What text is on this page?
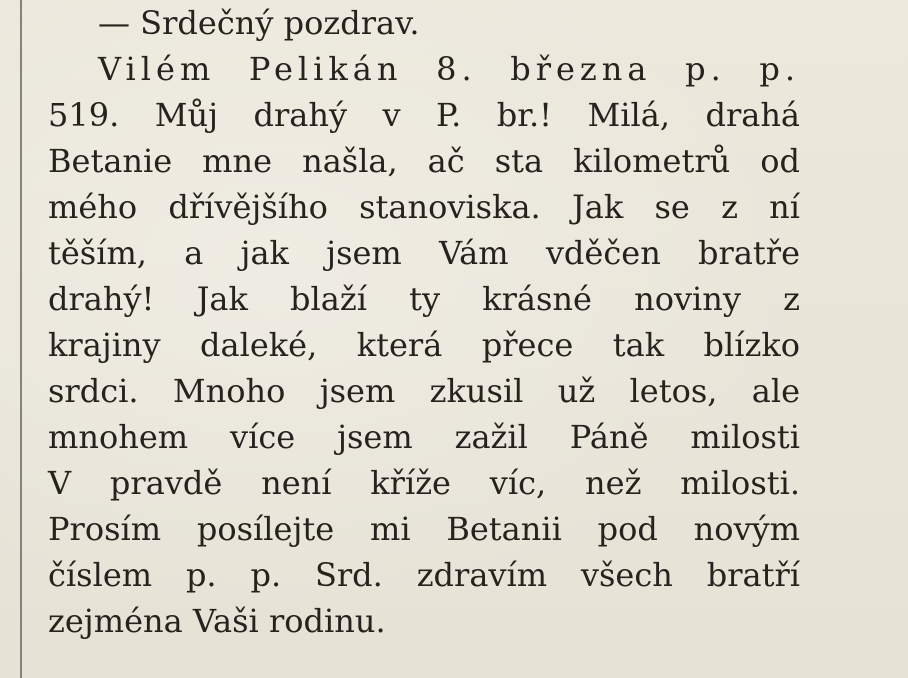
— Srdečný pozdrav.
Vilém Pelikán 8. března p. p.
519. Můj drahý v P. br.! Milá, drahá
Betanie mne našla, ač sta kilometrů od
mého dřívějšího stanoviska. Jak se z ní
těším, a jak jsem Vám vděčen bratře
drahý! Jak blaží ty krásné noviny z
krajiny daleké, která přece tak blízko
srdci. Mnoho jsem zkusil už letos, ale
mnohem více jsem zažil Páně milosti
V pravdě není kříže víc, než milosti.
Prosím posílejte mi Betanii pod novým
číslem p. p. Srd. zdravím všech bratří
zejména Vaši rodinu.
